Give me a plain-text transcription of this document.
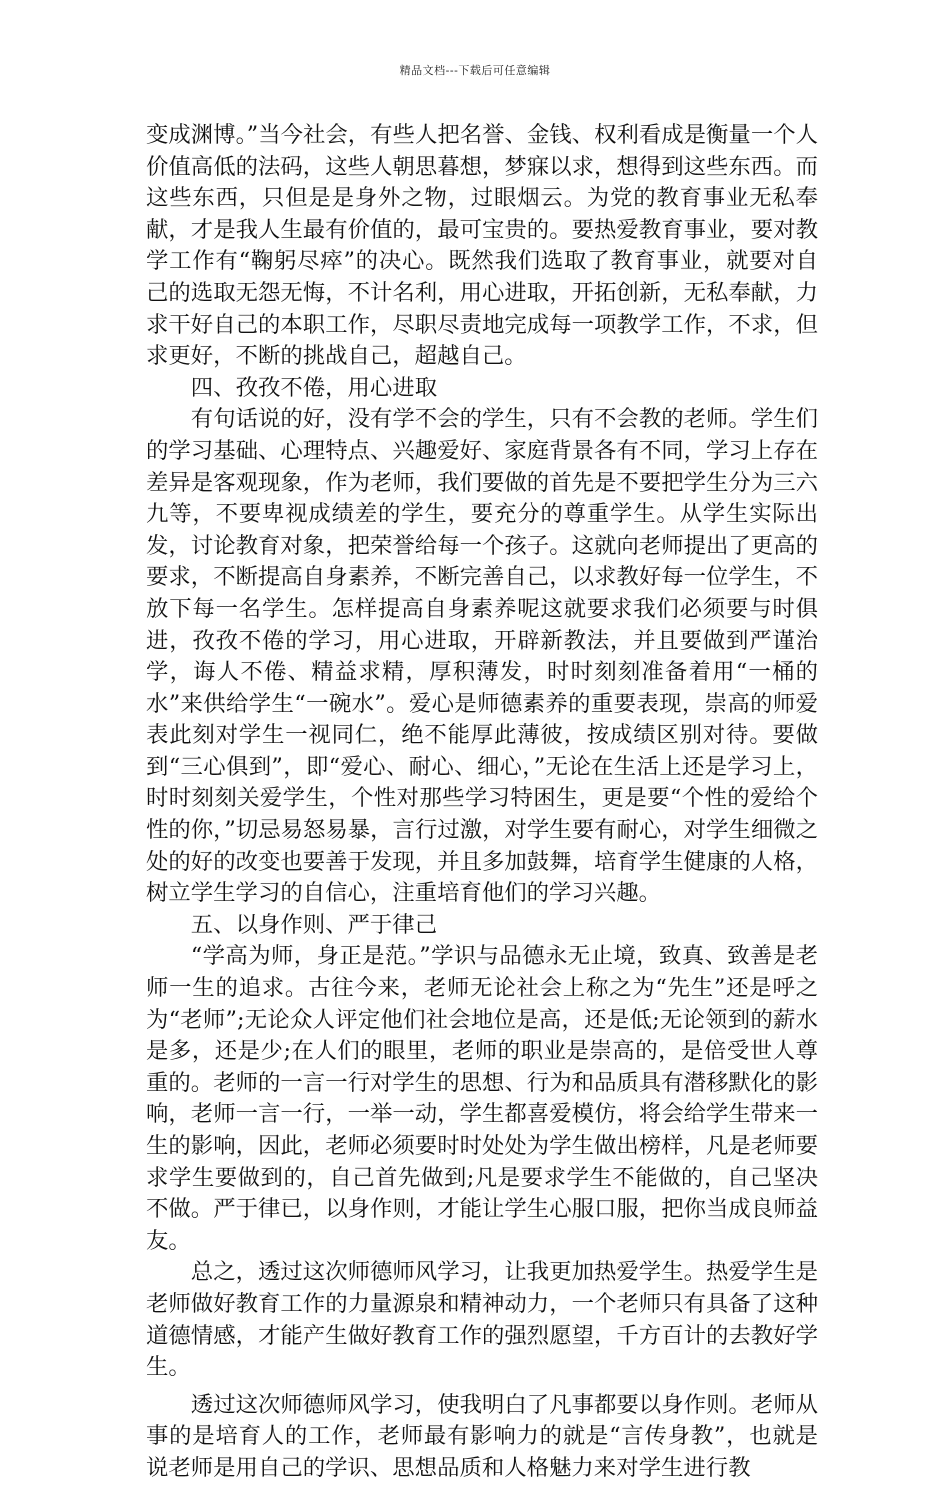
精品文档---下载后可任意编辑

变成渊博。”当今社会，有些人把名誉、金钱、权利看成是衡量一个人价值高低的法码，这些人朝思暮想，梦寐以求，想得到这些东西。而这些东西，只但是是身外之物，过眼烟云。为党的教育事业无私奉献，才是我人生最有价值的，最可宝贵的。要热爱教育事业，要对教学工作有“鞠躬尽瘁”的决心。既然我们选取了教育事业，就要对自己的选取无怨无悔，不计名利，用心进取，开拓创新，无私奉献，力求干好自己的本职工作，尽职尽责地完成每一项教学工作，不求，但求更好，不断的挑战自己，超越自己。

四、孜孜不倦，用心进取

有句话说的好，没有学不会的学生，只有不会教的老师。学生们的学习基础、心理特点、兴趣爱好、家庭背景各有不同，学习上存在差异是客观现象，作为老师，我们要做的首先是不要把学生分为三六九等，不要卑视成绩差的学生，要充分的尊重学生。从学生实际出发，讨论教育对象，把荣誉给每一个孩子。这就向老师提出了更高的要求，不断提高自身素养，不断完善自己，以求教好每一位学生，不放下每一名学生。怎样提高自身素养呢这就要求我们必须要与时俱进，孜孜不倦的学习，用心进取，开辟新教法，并且要做到严谨治学，诲人不倦、精益求精，厚积薄发，时时刻刻准备着用“一桶的水”来供给学生“一碗水”。爱心是师德素养的重要表现，崇高的师爱表此刻对学生一视同仁，绝不能厚此薄彼，按成绩区别对待。要做到“三心俱到”，即“爱心、耐心、细心，”无论在生活上还是学习上，时时刻刻关爱学生，个性对那些学习特困生，更是要“个性的爱给个性的你，”切忌易怒易暴，言行过激，对学生要有耐心，对学生细微之处的好的改变也要善于发现，并且多加鼓舞，培育学生健康的人格，树立学生学习的自信心，注重培育他们的学习兴趣。

五、以身作则、严于律己

“学高为师，身正是范。”学识与品德永无止境，致真、致善是老师一生的追求。古往今来，老师无论社会上称之为“先生”还是呼之为“老师”;无论众人评定他们社会地位是高，还是低;无论领到的薪水是多，还是少;在人们的眼里，老师的职业是崇高的，是倍受世人尊重的。老师的一言一行对学生的思想、行为和品质具有潜移默化的影响，老师一言一行，一举一动，学生都喜爱模仿，将会给学生带来一生的影响，因此，老师必须要时时处处为学生做出榜样，凡是老师要求学生要做到的，自己首先做到;凡是要求学生不能做的，自己坚决不做。严于律已，以身作则，才能让学生心服口服，把你当成良师益友。

总之，透过这次师德师风学习，让我更加热爱学生。热爱学生是老师做好教育工作的力量源泉和精神动力，一个老师只有具备了这种道德情感，才能产生做好教育工作的强烈愿望，千方百计的去教好学生。

透过这次师德师风学习，使我明白了凡事都要以身作则。老师从事的是培育人的工作，老师最有影响力的就是“言传身教”，也就是说老师是用自己的学识、思想品质和人格魅力来对学生进行教
